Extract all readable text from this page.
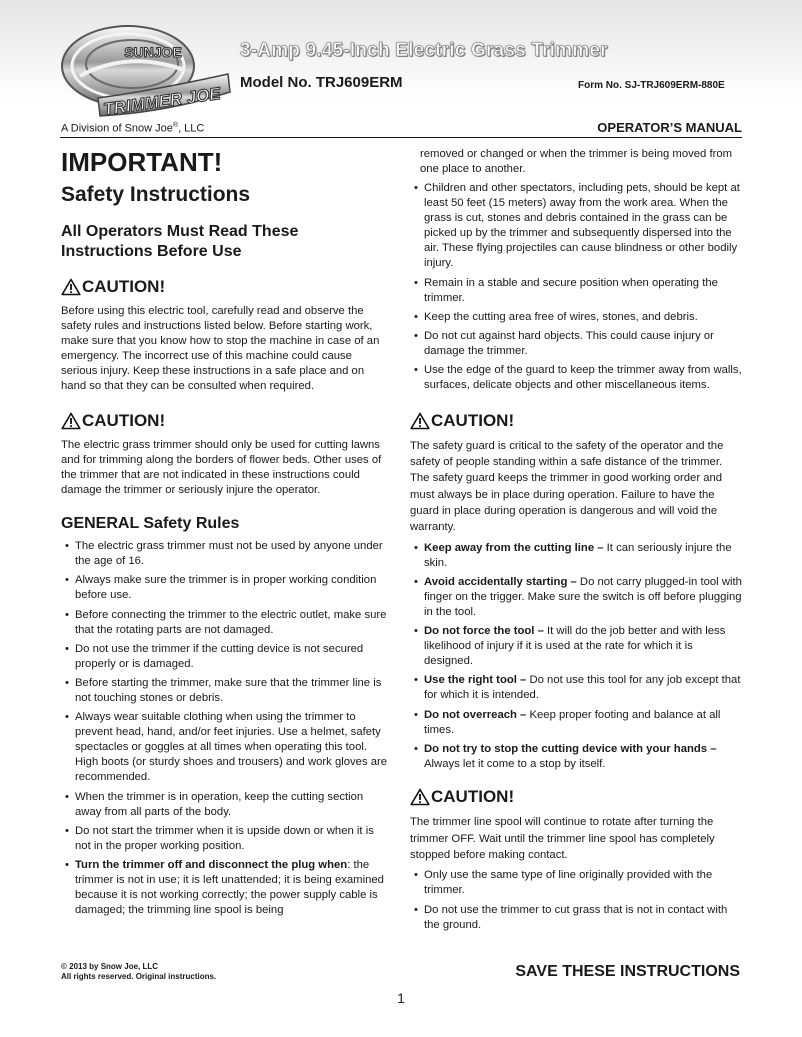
SUNJOE
TRIMMER JOE
3-Amp 9.45-Inch Electric Grass Trimmer
Model No. TRJ609ERM	Form No. SJ-TRJ609ERM-880E
A Division of Snow Joe®, LLC	OPERATOR’S MANUAL
IMPORTANT!
Safety Instructions
All Operators Must Read These Instructions Before Use
CAUTION!

Before using this electric tool, carefully read and observe the safety rules and instructions listed below. Before starting work, make sure that you know how to stop the machine in case of an emergency. The incorrect use of this machine could cause serious injury. Keep these instructions in a safe place and on hand so that they can be consulted when required.

CAUTION!

The electric grass trimmer should only be used for cutting lawns and for trimming along the borders of flower beds. Other uses of the trimmer that are not indicated in these instructions could damage the trimmer or seriously injure the operator.

GENERAL Safety Rules
• The electric grass trimmer must not be used by anyone under the age of 16.
• Always make sure the trimmer is in proper working condition before use.
• Before connecting the trimmer to the electric outlet, make sure that the rotating parts are not damaged.
• Do not use the trimmer if the cutting device is not secured properly or is damaged.
• Before starting the trimmer, make sure that the trimmer line is not touching stones or debris.
• Always wear suitable clothing when using the trimmer to prevent head, hand, and/or feet injuries. Use a helmet, safety spectacles or goggles at all times when operating this tool. High boots (or sturdy shoes and trousers) and work gloves are recommended.
• When the trimmer is in operation, keep the cutting section away from all parts of the body.
• Do not start the trimmer when it is upside down or when it is not in the proper working position.
• Turn the trimmer off and disconnect the plug when: the trimmer is not in use; it is left unattended; it is being examined because it is not working correctly; the power supply cable is damaged; the trimming line spool is being
removed or changed or when the trimmer is being moved from one place to another.
• Children and other spectators, including pets, should be kept at least 50 feet (15 meters) away from the work area. When the grass is cut, stones and debris contained in the grass can be picked up by the trimmer and subsequently dispersed into the air. These flying projectiles can cause blindness or other bodily injury.
• Remain in a stable and secure position when operating the trimmer.
• Keep the cutting area free of wires, stones, and debris.
• Do not cut against hard objects. This could cause injury or damage the trimmer.
• Use the edge of the guard to keep the trimmer away from walls, surfaces, delicate objects and other miscellaneous items.
CAUTION!

The safety guard is critical to the safety of the operator and the safety of people standing within a safe distance of the trimmer. The safety guard keeps the trimmer in good working order and must always be in place during operation. Failure to have the guard in place during operation is dangerous and will void the warranty.

• Keep away from the cutting line – It can seriously injure the skin.
• Avoid accidentally starting – Do not carry plugged-in tool with finger on the trigger. Make sure the switch is off before plugging in the tool.
• Do not force the tool – It will do the job better and with less likelihood of injury if it is used at the rate for which it is designed.
• Use the right tool – Do not use this tool for any job except that for which it is intended.
• Do not overreach – Keep proper footing and balance at all times.
• Do not try to stop the cutting device with your hands – Always let it come to a stop by itself.
CAUTION!

The trimmer line spool will continue to rotate after turning the trimmer OFF. Wait until the trimmer line spool has completely stopped before making contact.

• Only use the same type of line originally provided with the trimmer.
• Do not use the trimmer to cut grass that is not in contact with the ground.
© 2013 by Snow Joe, LLC
All rights reserved. Original instructions.	SAVE THESE INSTRUCTIONS
1
